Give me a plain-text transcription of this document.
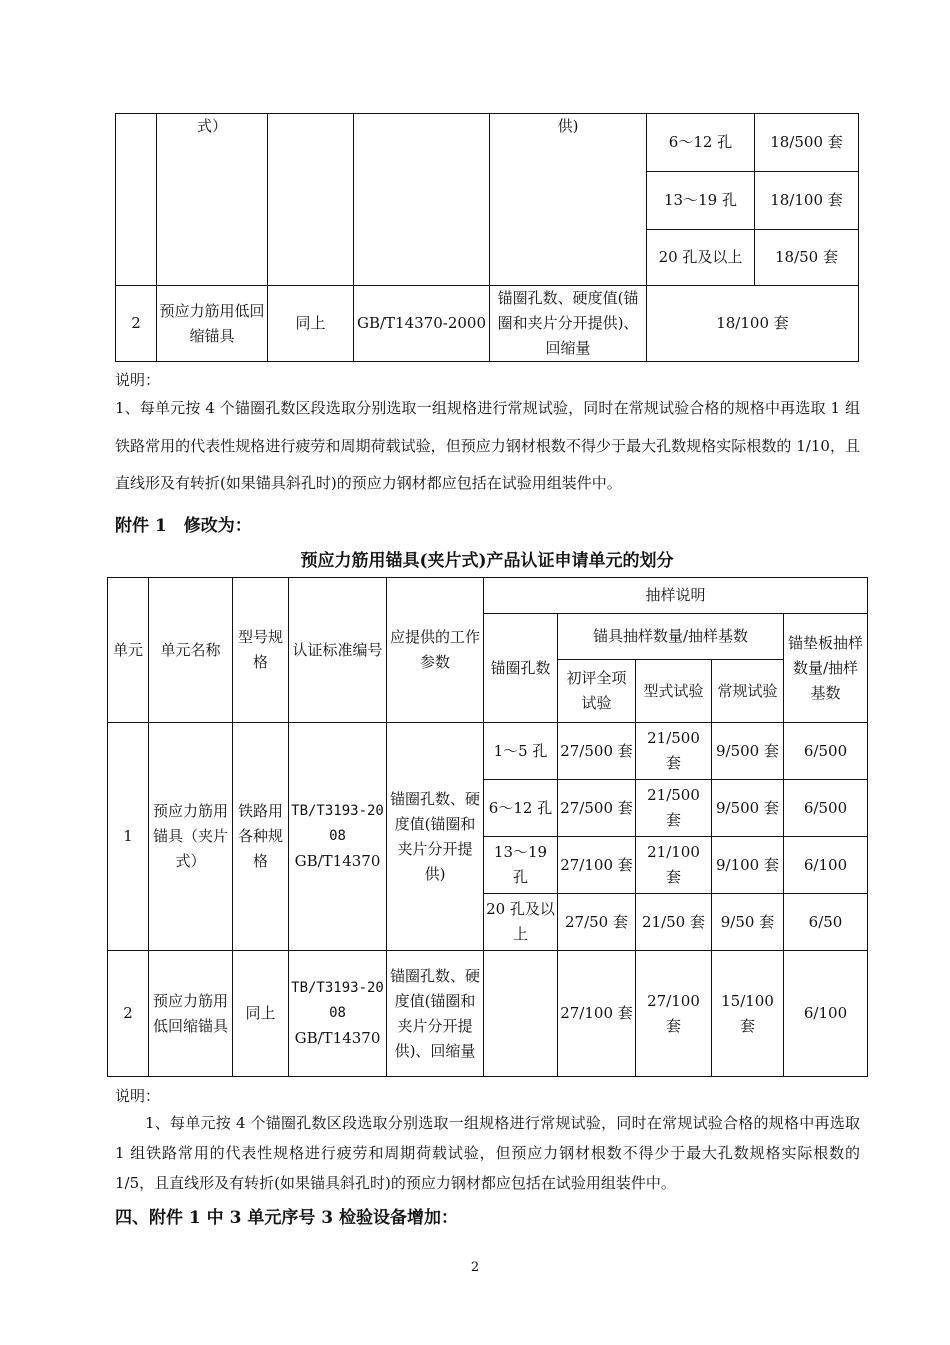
	式）			供)	6～12 孔	18/500 套
					13～19 孔	18/100 套
					20 孔及以上	18/50 套
2	预应力筋用低回缩锚具	同上	GB/T14370-2000	锚圈孔数、硬度值(锚圈和夹片分开提供)、回缩量	18/100 套	
说明：
1、每单元按 4 个锚圈孔数区段选取分别选取一组规格进行常规试验，同时在常规试验合格的规格中再选取 1 组铁路常用的代表性规格进行疲劳和周期荷载试验，但预应力钢材根数不得少于最大孔数规格实际根数的 1/10，且直线形及有转折(如果锚具斜孔时)的预应力钢材都应包括在试验用组装件中。
附件 1　修改为：
预应力筋用锚具(夹片式)产品认证申请单元的划分
单元	单元名称	型号规格	认证标准编号	应提供的工作参数	抽样说明				
					锚圈孔数	锚具抽样数量/抽样基数			锚垫板抽样数量/抽样基数
						初评全项试验	型式试验	常规试验	
1	预应力筋用锚具（夹片式）	铁路用各种规格	TB/T3193-2008
GB/T14370	锚圈孔数、硬度值(锚圈和夹片分开提供)	1～5 孔	27/500 套	21/500 套	9/500 套	6/500
					6～12 孔	27/500 套	21/500 套	9/500 套	6/500
					13～19 孔	27/100 套	21/100 套	9/100 套	6/100
					20 孔及以上	27/50 套	21/50 套	9/50 套	6/50
2	预应力筋用低回缩锚具	同上	TB/T3193-2008
GB/T14370	锚圈孔数、硬度值(锚圈和夹片分开提供)、回缩量		27/100 套	27/100 套	15/100 套	6/100
说明：
1、每单元按 4 个锚圈孔数区段选取分别选取一组规格进行常规试验，同时在常规试验合格的规格中再选取 1 组铁路常用的代表性规格进行疲劳和周期荷载试验，但预应力钢材根数不得少于最大孔数规格实际根数的 1/5，且直线形及有转折(如果锚具斜孔时)的预应力钢材都应包括在试验用组装件中。
四、附件 1 中 3 单元序号 3 检验设备增加：
2
